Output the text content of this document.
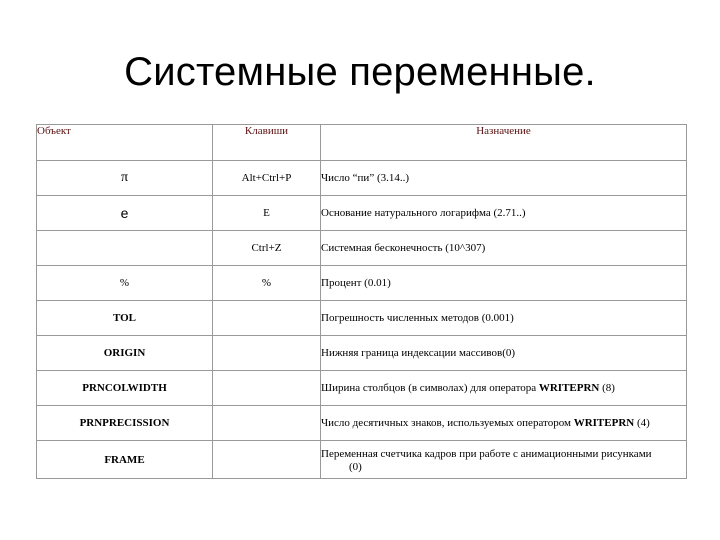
Системные переменные.
Объект	Клавиши	Назначение
π	Alt+Ctrl+P	Число “пи” (3.14..)
e	E	Основание натурального логарифма (2.71..)
	Ctrl+Z	Системная бесконечность (10^307)
%	%	Процент (0.01)
TOL		Погрешность численных методов (0.001)
ORIGIN		Нижняя граница индексации массивов(0)
PRNCOLWIDTH		Ширина столбцов (в символах) для оператора WRITEPRN (8)
PRNPRECISSION		Число десятичных знаков, используемых оператором WRITEPRN (4)
FRAME		Переменная счетчика кадров при работе с анимационными рисунками
(0)
